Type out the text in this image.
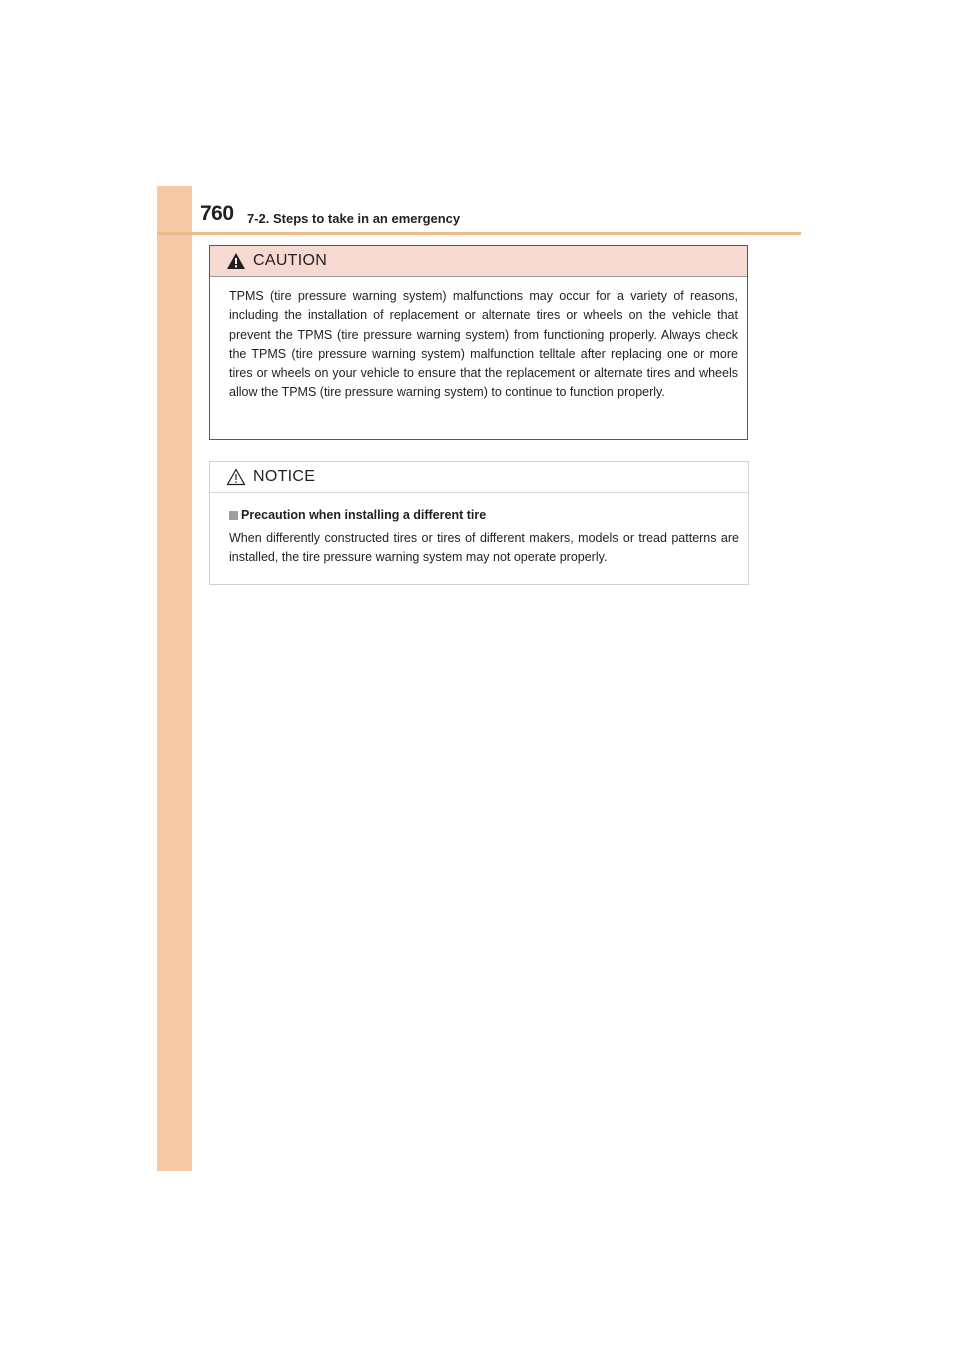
760 7-2. Steps to take in an emergency
CAUTION
TPMS (tire pressure warning system) malfunctions may occur for a variety of reasons, including the installation of replacement or alternate tires or wheels on the vehicle that prevent the TPMS (tire pressure warning system) from functioning properly. Always check the TPMS (tire pressure warning system) malfunction telltale after replacing one or more tires or wheels on your vehicle to ensure that the replacement or alternate tires and wheels allow the TPMS (tire pressure warning system) to continue to function properly.
NOTICE
Precaution when installing a different tire
When differently constructed tires or tires of different makers, models or tread patterns are installed, the tire pressure warning system may not operate properly.
